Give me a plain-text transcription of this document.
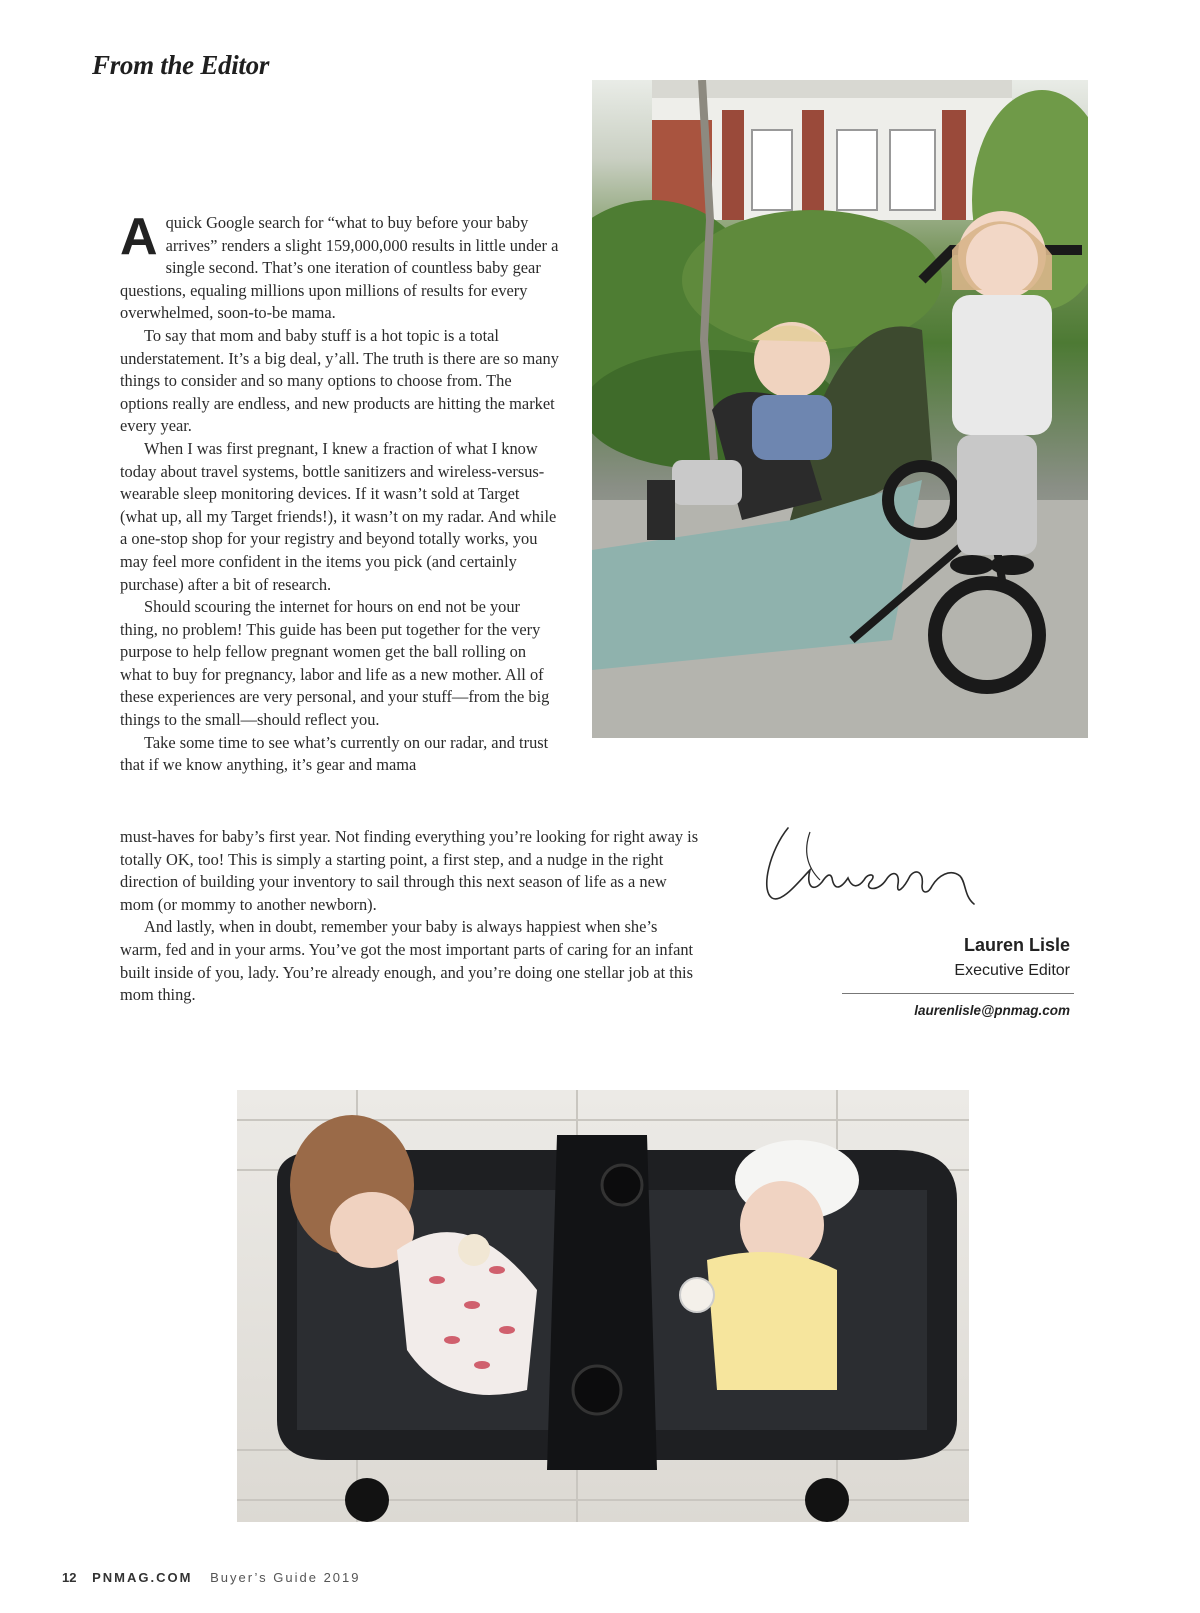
From the Editor

Aquick Google search for “what to buy before your baby arrives” renders a slight 159,000,000 results in little under a single second. That’s one iteration of countless baby gear questions, equaling millions upon millions of results for every overwhelmed, soon-to-be mama.

To say that mom and baby stuff is a hot topic is a total understatement. It’s a big deal, y’all. The truth is there are so many things to consider and so many options to choose from. The options really are endless, and new products are hitting the market every year.

When I was first pregnant, I knew a fraction of what I know today about travel systems, bottle sanitizers and wireless-versus-wearable sleep monitoring devices. If it wasn’t sold at Target (what up, all my Target friends!), it wasn’t on my radar. And while a one-stop shop for your registry and beyond totally works, you may feel more confident in the items you pick (and certainly purchase) after a bit of research.

Should scouring the internet for hours on end not be your thing, no problem! This guide has been put together for the very purpose to help fellow pregnant women get the ball rolling on what to buy for pregnancy, labor and life as a new mother. All of these experiences are very personal, and your stuff—from the big things to the small—should reflect you.

Take some time to see what’s currently on our radar, and trust that if we know anything, it’s gear and mama

must-haves for baby’s first year. Not finding everything you’re looking for right away is totally OK, too! This is simply a starting point, a first step, and a nudge in the right direction of building your inventory to sail through this next season of life as a new mom (or mommy to another newborn).

And lastly, when in doubt, remember your baby is always happiest when she’s warm, fed and in your arms. You’ve got the most important parts of caring for an infant built inside of you, lady. You’re already enough, and you’re doing one stellar job at this mom thing.

Lauren Lisle
Executive Editor
laurenlisle@pnmag.com
12 PNMAG.COM Buyer’s Guide 2019
